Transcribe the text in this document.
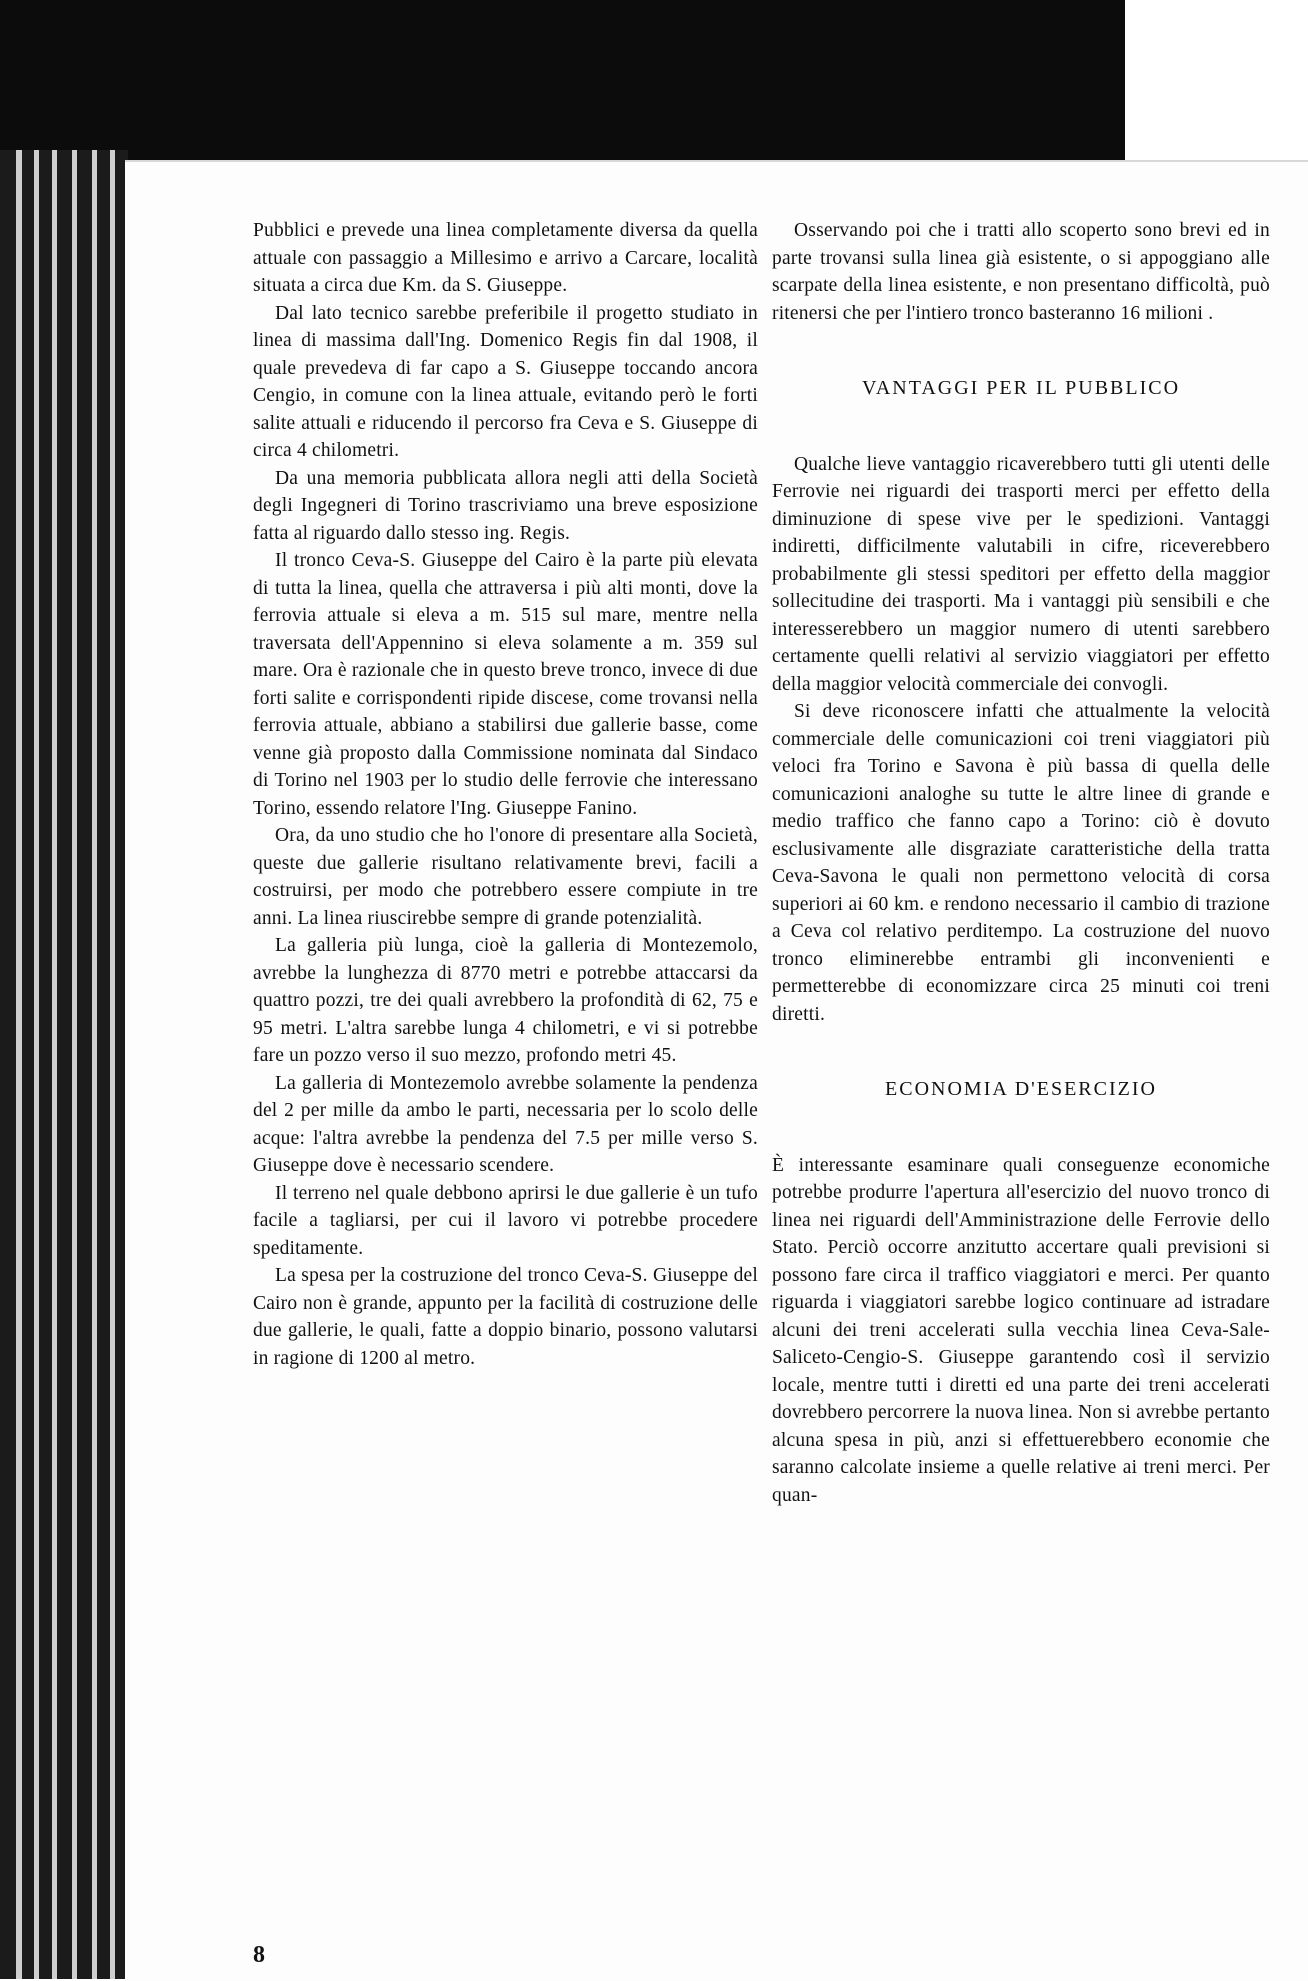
Pubblici e prevede una linea completamente diversa da quella attuale con passaggio a Millesimo e arrivo a Carcare, località situata a circa due Km. da S. Giuseppe.

Dal lato tecnico sarebbe preferibile il progetto studiato in linea di massima dall'Ing. Domenico Regis fin dal 1908, il quale prevedeva di far capo a S. Giuseppe toccando ancora Cengio, in comune con la linea attuale, evitando però le forti salite attuali e riducendo il percorso fra Ceva e S. Giuseppe di circa 4 chilometri.

Da una memoria pubblicata allora negli atti della Società degli Ingegneri di Torino trascriviamo una breve esposizione fatta al riguardo dallo stesso ing. Regis.

Il tronco Ceva-S. Giuseppe del Cairo è la parte più elevata di tutta la linea, quella che attraversa i più alti monti, dove la ferrovia attuale si eleva a m. 515 sul mare, mentre nella traversata dell'Appennino si eleva solamente a m. 359 sul mare. Ora è razionale che in questo breve tronco, invece di due forti salite e corrispondenti ripide discese, come trovansi nella ferrovia attuale, abbiano a stabilirsi due gallerie basse, come venne già proposto dalla Commissione nominata dal Sindaco di Torino nel 1903 per lo studio delle ferrovie che interessano Torino, essendo relatore l'Ing. Giuseppe Fanino.

Ora, da uno studio che ho l'onore di presentare alla Società, queste due gallerie risultano relativamente brevi, facili a costruirsi, per modo che potrebbero essere compiute in tre anni. La linea riuscirebbe sempre di grande potenzialità.

La galleria più lunga, cioè la galleria di Montezemolo, avrebbe la lunghezza di 8770 metri e potrebbe attaccarsi da quattro pozzi, tre dei quali avrebbero la profondità di 62, 75 e 95 metri. L'altra sarebbe lunga 4 chilometri, e vi si potrebbe fare un pozzo verso il suo mezzo, profondo metri 45.

La galleria di Montezemolo avrebbe solamente la pendenza del 2 per mille da ambo le parti, necessaria per lo scolo delle acque: l'altra avrebbe la pendenza del 7.5 per mille verso S. Giuseppe dove è necessario scendere.

Il terreno nel quale debbono aprirsi le due gallerie è un tufo facile a tagliarsi, per cui il lavoro vi potrebbe procedere speditamente.

La spesa per la costruzione del tronco Ceva-S. Giuseppe del Cairo non è grande, appunto per la facilità di costruzione delle due gallerie, le quali, fatte a doppio binario, possono valutarsi in ragione di 1200 al metro.

Osservando poi che i tratti allo scoperto sono brevi ed in parte trovansi sulla linea già esistente, o si appoggiano alle scarpate della linea esistente, e non presentano difficoltà, può ritenersi che per l'intiero tronco basteranno 16 milioni .

VANTAGGI PER IL PUBBLICO

Qualche lieve vantaggio ricaverebbero tutti gli utenti delle Ferrovie nei riguardi dei trasporti merci per effetto della diminuzione di spese vive per le spedizioni. Vantaggi indiretti, difficilmente valutabili in cifre, riceverebbero probabilmente gli stessi speditori per effetto della maggior sollecitudine dei trasporti. Ma i vantaggi più sensibili e che interesserebbero un maggior numero di utenti sarebbero certamente quelli relativi al servizio viaggiatori per effetto della maggior velocità commerciale dei convogli.

Si deve riconoscere infatti che attualmente la velocità commerciale delle comunicazioni coi treni viaggiatori più veloci fra Torino e Savona è più bassa di quella delle comunicazioni analoghe su tutte le altre linee di grande e medio traffico che fanno capo a Torino: ciò è dovuto esclusivamente alle disgraziate caratteristiche della tratta Ceva-Savona le quali non permettono velocità di corsa superiori ai 60 km. e rendono necessario il cambio di trazione a Ceva col relativo perditempo. La costruzione del nuovo tronco eliminerebbe entrambi gli inconvenienti e permetterebbe di economizzare circa 25 minuti coi treni diretti.

ECONOMIA D'ESERCIZIO

È interessante esaminare quali conseguenze economiche potrebbe produrre l'apertura all'esercizio del nuovo tronco di linea nei riguardi dell'Amministrazione delle Ferrovie dello Stato. Perciò occorre anzitutto accertare quali previsioni si possono fare circa il traffico viaggiatori e merci. Per quanto riguarda i viaggiatori sarebbe logico continuare ad istradare alcuni dei treni accelerati sulla vecchia linea Ceva-Sale-Saliceto-Cengio-S. Giuseppe garantendo così il servizio locale, mentre tutti i diretti ed una parte dei treni accelerati dovrebbero percorrere la nuova linea. Non si avrebbe pertanto alcuna spesa in più, anzi si effettuerebbero economie che saranno calcolate insieme a quelle relative ai treni merci. Per quan-

8
